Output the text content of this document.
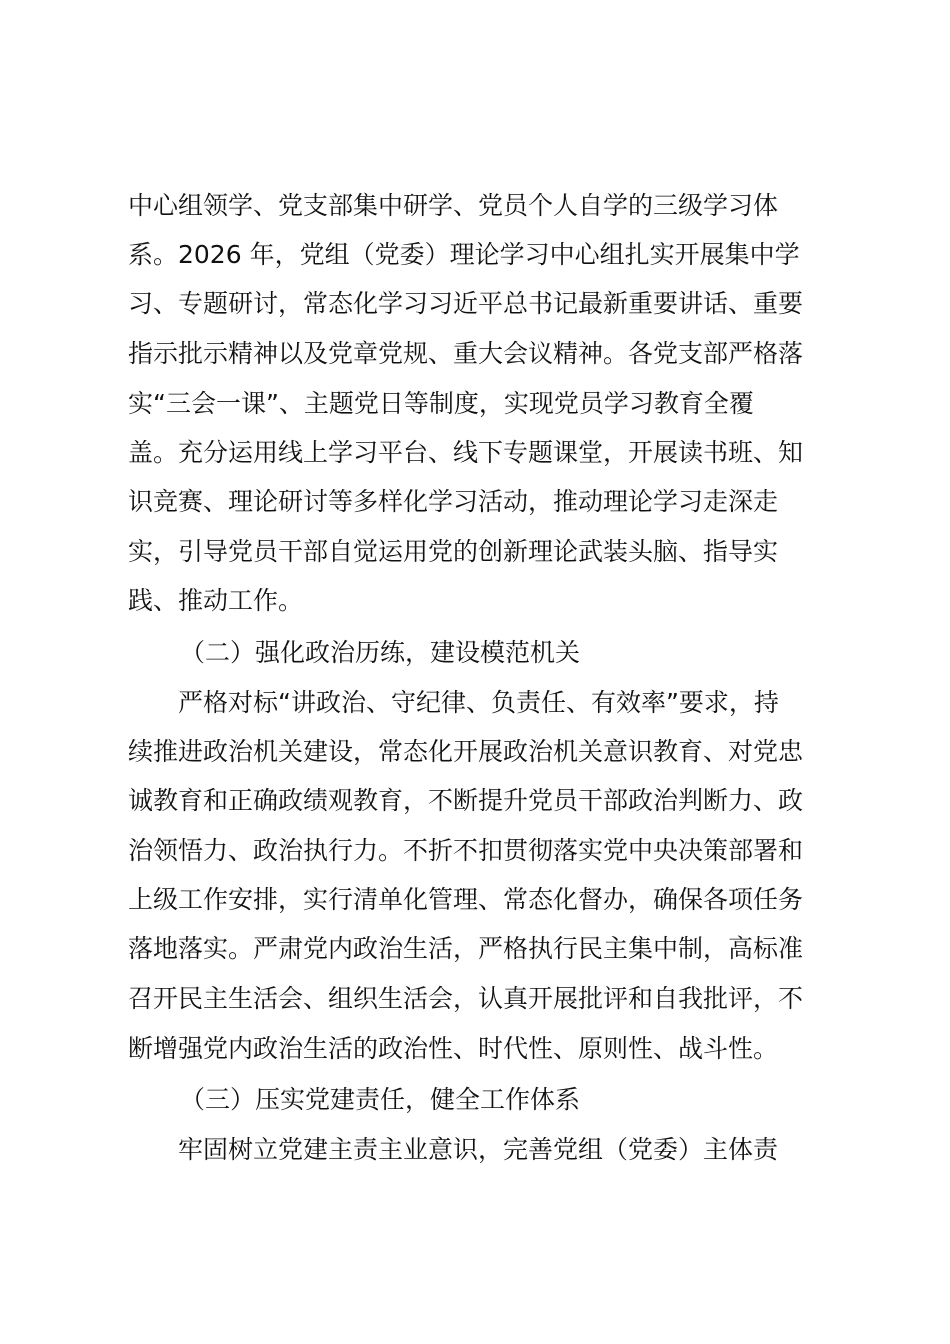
中心组领学、党支部集中研学、党员个人自学的三级学习体
系。2026 年，党组（党委）理论学习中心组扎实开展集中学
习、专题研讨，常态化学习习近平总书记最新重要讲话、重要
指示批示精神以及党章党规、重大会议精神。各党支部严格落
实“三会一课”、主题党日等制度，实现党员学习教育全覆
盖。充分运用线上学习平台、线下专题课堂，开展读书班、知
识竞赛、理论研讨等多样化学习活动，推动理论学习走深走
实，引导党员干部自觉运用党的创新理论武装头脑、指导实
践、推动工作。
（二）强化政治历练，建设模范机关
严格对标“讲政治、守纪律、负责任、有效率”要求，持
续推进政治机关建设，常态化开展政治机关意识教育、对党忠
诚教育和正确政绩观教育，不断提升党员干部政治判断力、政
治领悟力、政治执行力。不折不扣贯彻落实党中央决策部署和
上级工作安排，实行清单化管理、常态化督办，确保各项任务
落地落实。严肃党内政治生活，严格执行民主集中制，高标准
召开民主生活会、组织生活会，认真开展批评和自我批评，不
断增强党内政治生活的政治性、时代性、原则性、战斗性。
（三）压实党建责任，健全工作体系
牢固树立党建主责主业意识，完善党组（党委）主体责
